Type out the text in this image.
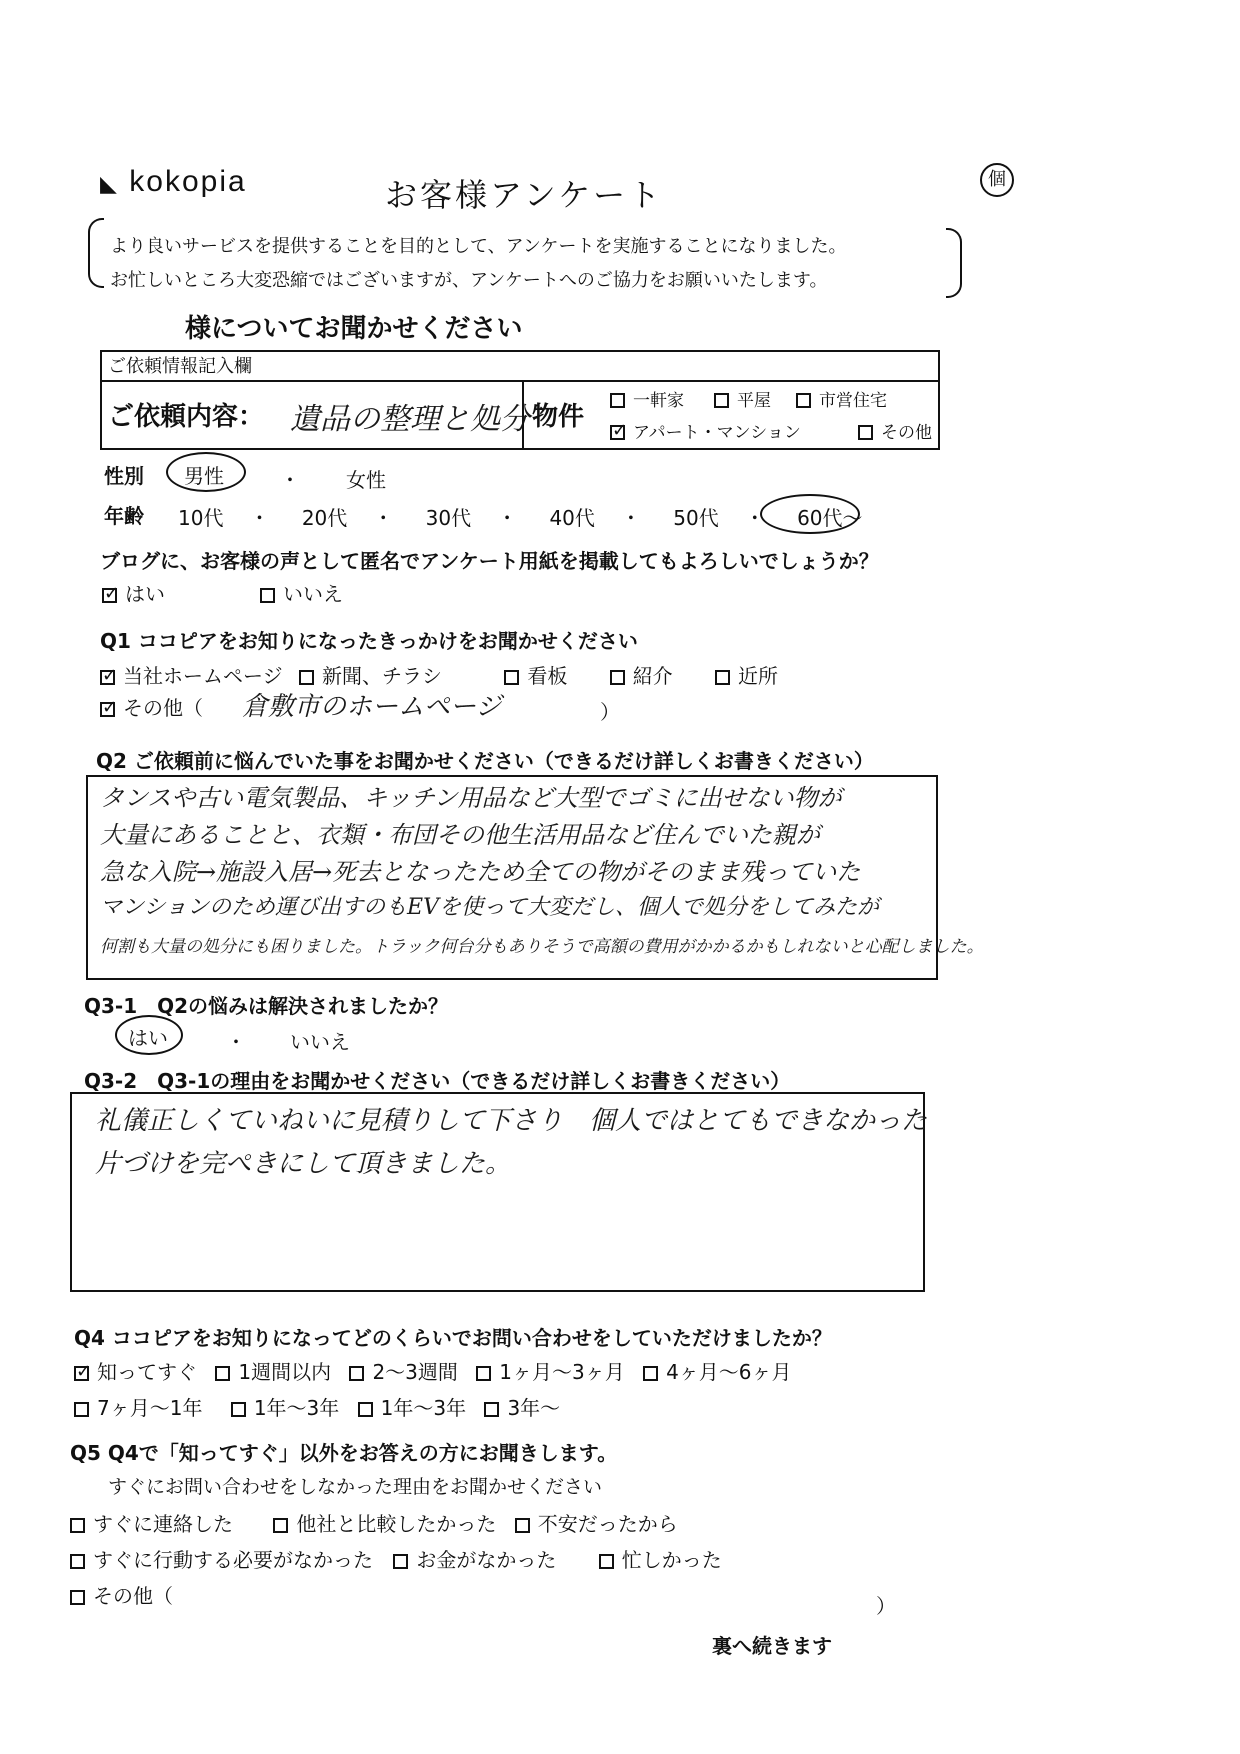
◣ kokopia	お客様アンケート	個
より良いサービスを提供することを目的として、アンケートを実施することになりました。
お忙しいところ大変恐縮ではございますが、アンケートへのご協力をお願いいたします。
様についてお聞かせください
ご依頼情報記入欄
ご依頼内容： 遺品の整理と処分 物件
一軒家	平屋	市営住宅
✓アパート・マンション	その他
性別 男性	・ 女性
年齢 10代 ・ 20代 ・ 30代 ・ 40代 ・ 50代 ・ 60代〜
ブログに、お客様の声として匿名でアンケート用紙を掲載してもよろしいでしょうか？
✓はい	いいえ
Q1 ココピアをお知りになったきっかけをお聞かせください
✓当社ホームページ 新聞、チラシ	看板	紹介	近所
✓その他（ 倉敷市のホームページ	）
Q2 ご依頼前に悩んでいた事をお聞かせください（できるだけ詳しくお書きください）
タンスや古い電気製品、キッチン用品など大型でゴミに出せない物が
大量にあることと、衣類・布団その他生活用品など住んでいた親が
急な入院→施設入居→死去となったため全ての物がそのまま残っていた
マンションのため運び出すのもEVを使って大変だし、個人で処分をしてみたが
何割も大量の処分にも困りました。トラック何台分もありそうで高額の費用がかかるかもしれないと心配しました。
Q3-1　Q2の悩みは解決されましたか？
はい	・ いいえ
Q3-2　Q3-1の理由をお聞かせください（できるだけ詳しくお書きください）
礼儀正しくていねいに見積りして下さり　個人ではとてもできなかった
片づけを完ぺきにして頂きました。
Q4 ココピアをお知りになってどのくらいでお問い合わせをしていただけましたか？
✓知ってすぐ 1週間以内 2〜3週間 1ヶ月〜3ヶ月 4ヶ月〜6ヶ月
7ヶ月〜1年	1年〜3年 1年〜3年 3年〜
Q5 Q4で「知ってすぐ」以外をお答えの方にお聞きします。
すぐにお問い合わせをしなかった理由をお聞かせください
すぐに連絡した	他社と比較したかった 不安だったから
すぐに行動する必要がなかった お金がなかった	忙しかった
その他（	）
裏へ続きます
